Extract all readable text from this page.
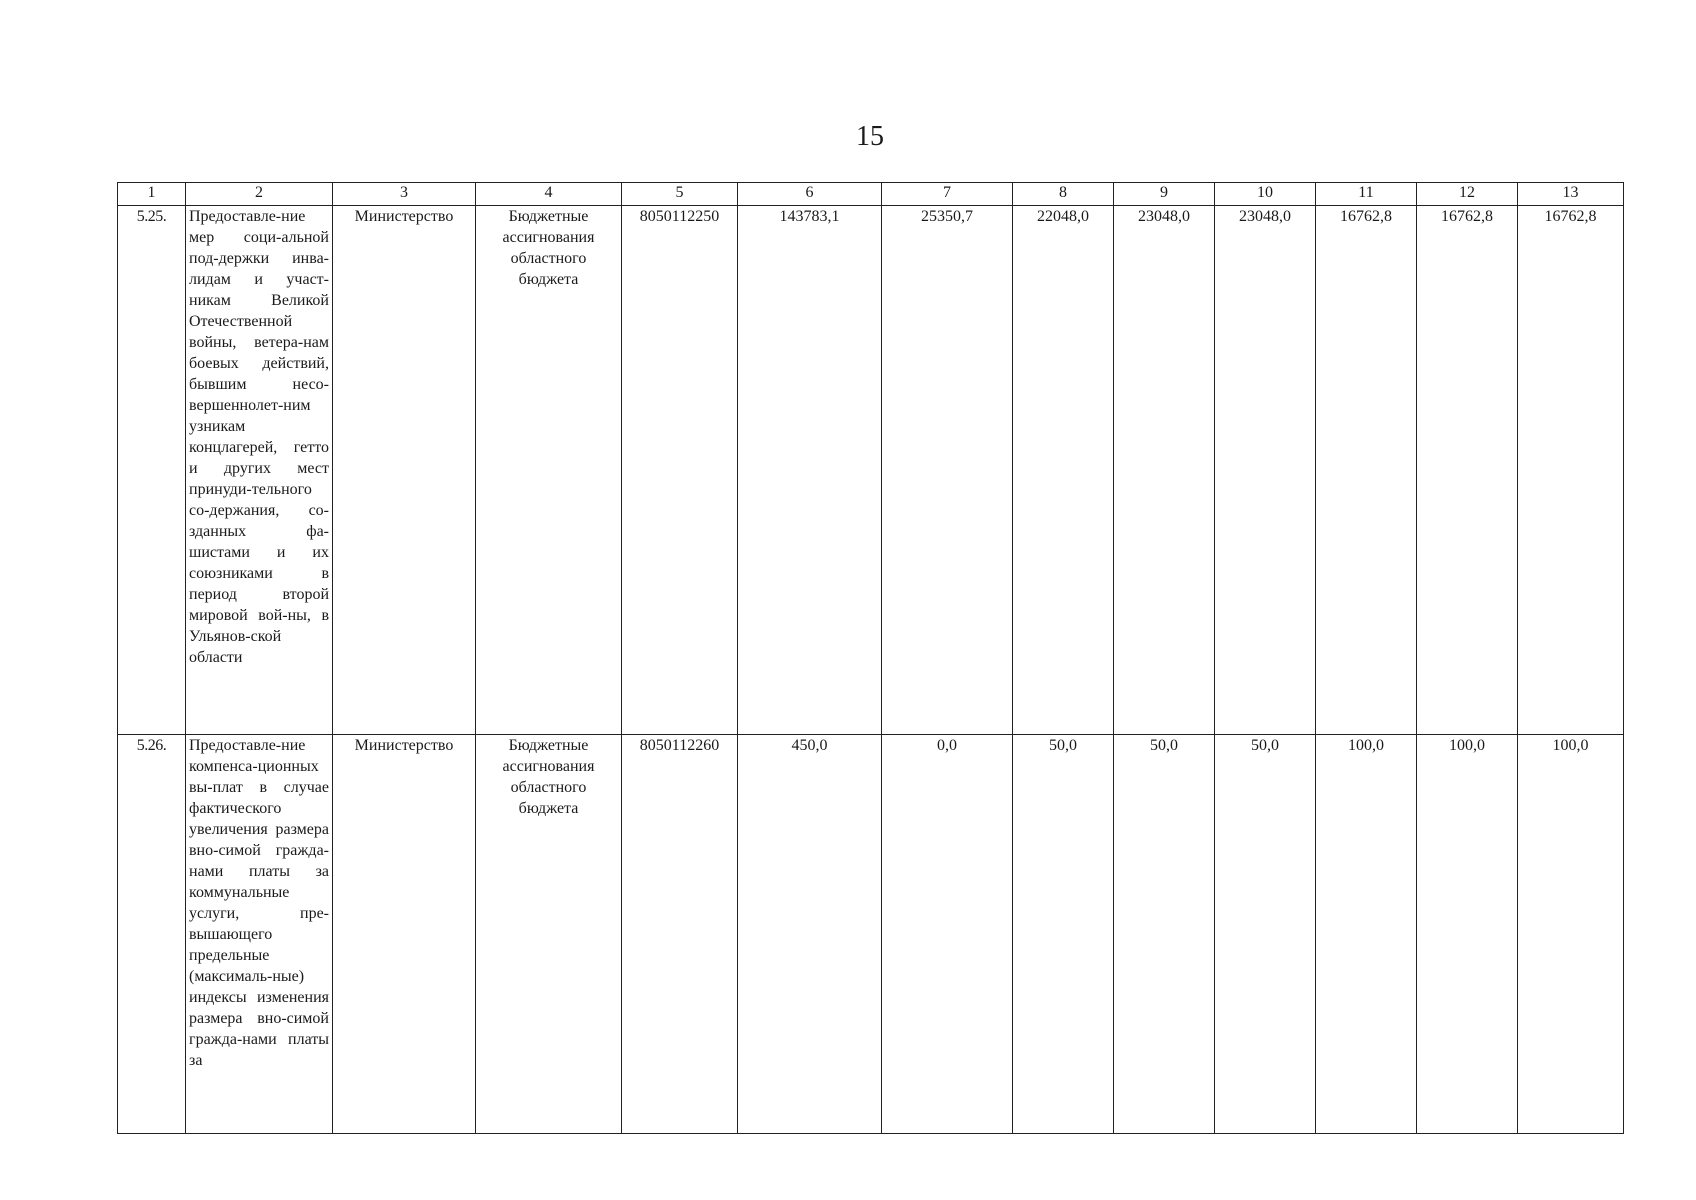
15
1	2	3	4	5	6	7	8	9	10	11	12	13
5.25.	Предоставле-ние мер соци-альной под-держки инва-лидам и участ-никам Великой Отечественной войны, ветера-нам боевых действий, бывшим несо-вершеннолет-ним узникам концлагерей, гетто и других мест принуди-тельного со-держания, со-зданных фа-шистами и их союзниками в период второй мировой вой-ны, в Ульянов-ской области	Министерство	Бюджетные ассигнования областного бюджета	8050112250	143783,1	25350,7	22048,0	23048,0	23048,0	16762,8	16762,8	16762,8
5.26.	Предоставле-ние компенса-ционных вы-плат в случае фактического увеличения размера вно-симой гражда-нами платы за коммунальные услуги, пре-вышающего предельные (максималь-ные) индексы изменения размера вно-симой гражда-нами платы за	Министерство	Бюджетные ассигнования областного бюджета	8050112260	450,0	0,0	50,0	50,0	50,0	100,0	100,0	100,0
